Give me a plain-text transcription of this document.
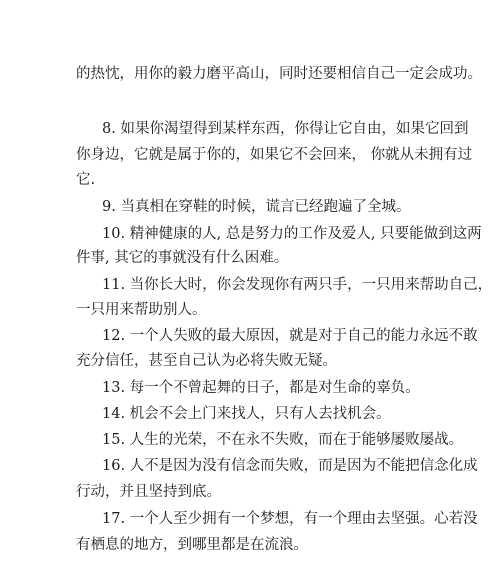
的热忱，用你的毅力磨平高山，同时还要相信自己一定会成功。
8. 如果你渴望得到某样东西，你得让它自由，如果它回到
你身边，它就是属于你的，如果它不会回来， 你就从未拥有过
它.
9. 当真相在穿鞋的时候，谎言已经跑遍了全城。
10. 精神健康的人, 总是努力的工作及爱人, 只要能做到这两
件事, 其它的事就没有什么困难。
11. 当你长大时，你会发现你有两只手，一只用来帮助自己，
一只用来帮助别人。
12. 一个人失败的最大原因，就是对于自己的能力永远不敢
充分信任，甚至自己认为必将失败无疑。
13. 每一个不曾起舞的日子，都是对生命的辜负。
14. 机会不会上门来找人，只有人去找机会。
15. 人生的光荣，不在永不失败，而在于能够屡败屡战。
16. 人不是因为没有信念而失败，而是因为不能把信念化成
行动，并且坚持到底。
17. 一个人至少拥有一个梦想，有一个理由去坚强。心若没
有栖息的地方，到哪里都是在流浪。
